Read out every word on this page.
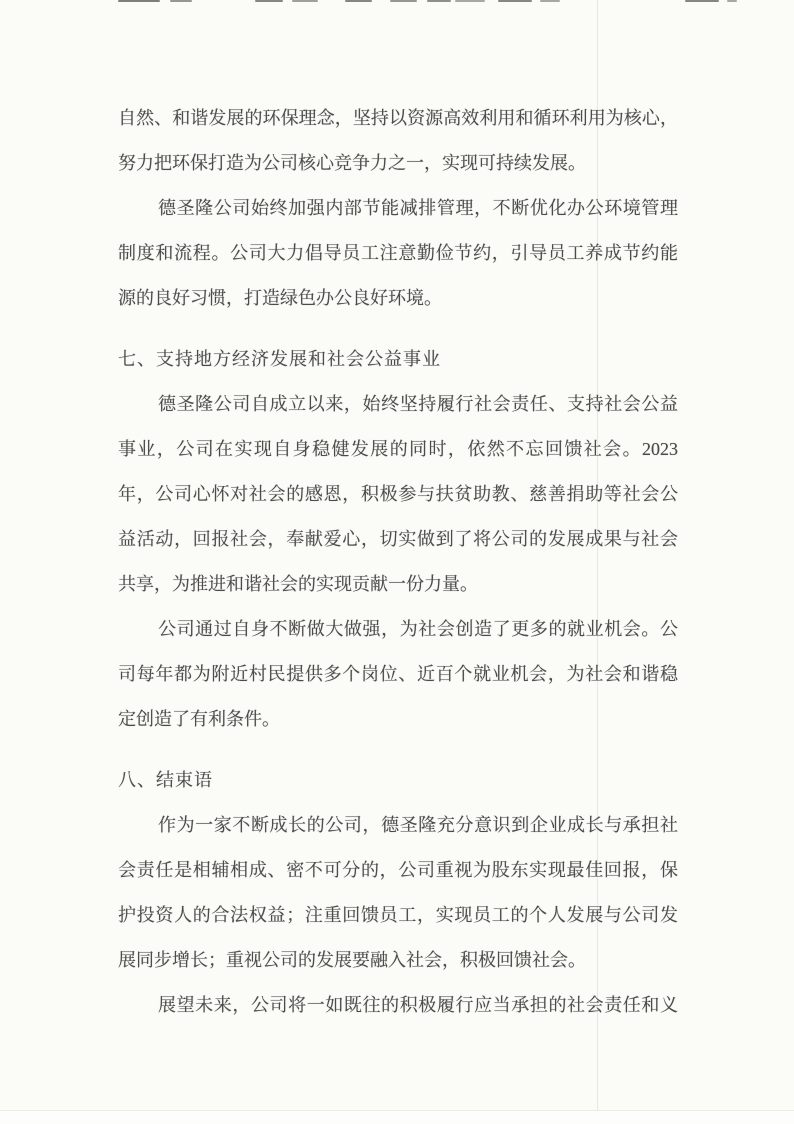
自然、和谐发展的环保理念，坚持以资源高效利用和循环利用为核心，

努力把环保打造为公司核心竞争力之一，实现可持续发展。

德圣隆公司始终加强内部节能减排管理，不断优化办公环境管理

制度和流程。公司大力倡导员工注意勤俭节约，引导员工养成节约能

源的良好习惯，打造绿色办公良好环境。

七、支持地方经济发展和社会公益事业

德圣隆公司自成立以来，始终坚持履行社会责任、支持社会公益

事业，公司在实现自身稳健发展的同时，依然不忘回馈社会。2023

年，公司心怀对社会的感恩，积极参与扶贫助教、慈善捐助等社会公

益活动，回报社会，奉献爱心，切实做到了将公司的发展成果与社会

共享，为推进和谐社会的实现贡献一份力量。

公司通过自身不断做大做强，为社会创造了更多的就业机会。公

司每年都为附近村民提供多个岗位、近百个就业机会，为社会和谐稳

定创造了有利条件。

八、结束语

作为一家不断成长的公司，德圣隆充分意识到企业成长与承担社

会责任是相辅相成、密不可分的，公司重视为股东实现最佳回报，保

护投资人的合法权益；注重回馈员工，实现员工的个人发展与公司发

展同步增长；重视公司的发展要融入社会，积极回馈社会。

展望未来，公司将一如既往的积极履行应当承担的社会责任和义
